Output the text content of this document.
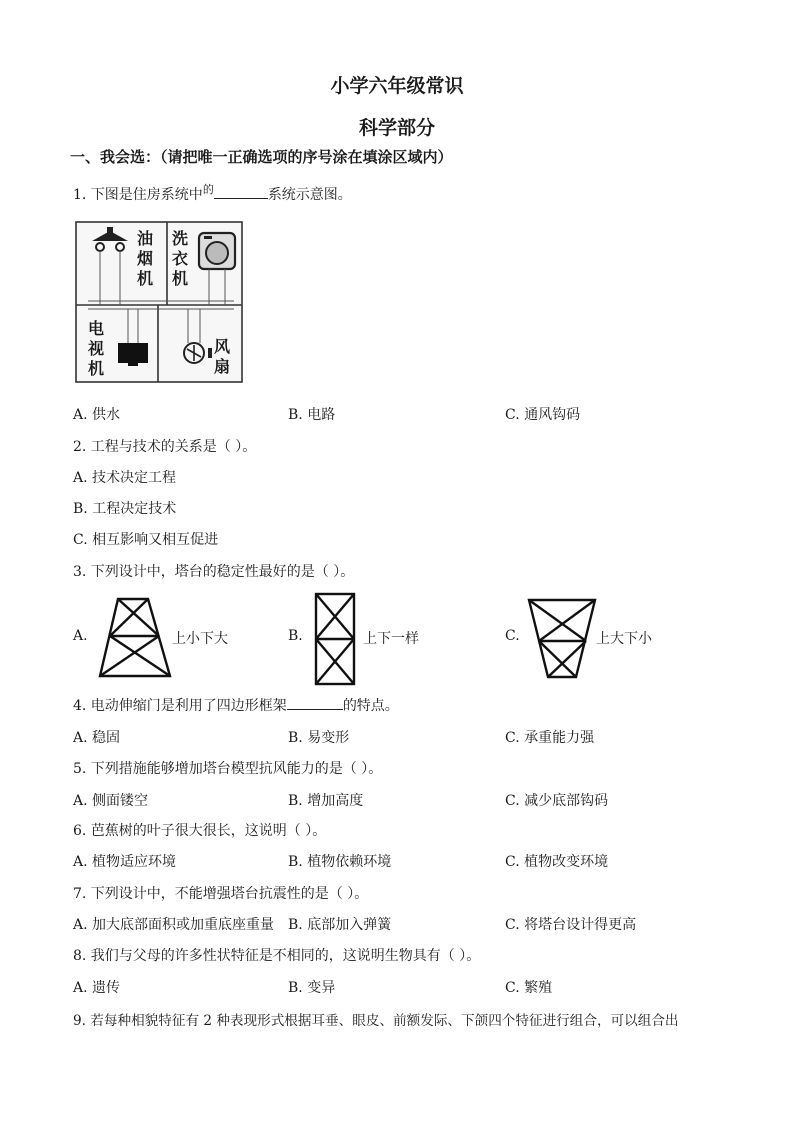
小学六年级常识
科学部分
一、我会选：（请把唯一正确选项的序号涂在填涂区域内）
1. 下图是住房系统中$^的$	系统示意图。
油烟机
洗衣机
电视机
风扇
A. 供水	B. 电路	C. 通风钩码
2. 工程与技术的关系是（ ）。
A. 技术决定工程
B. 工程决定技术
C. 相互影响又相互促进
3. 下列设计中，塔台的稳定性最好的是（ ）。
A.	上小下大	B.	上下一样	C.	上大下小
4. 电动伸缩门是利用了四边形框架	的特点。
A. 稳固	B. 易变形	C. 承重能力强
5. 下列措施能够增加塔台模型抗风能力的是（ ）。
A. 侧面镂空	B. 增加高度	C. 减少底部钩码
6. 芭蕉树的叶子很大很长，这说明（ ）。
A. 植物适应环境	B. 植物依赖环境	C. 植物改变环境
7. 下列设计中，不能增强塔台抗震性的是（ ）。
A. 加大底部面积或加重底座重量 B. 底部加入弹簧	C. 将塔台设计得更高
8. 我们与父母的许多性状特征是不相同的，这说明生物具有（ ）。
A. 遗传	B. 变异	C. 繁殖
9. 若每种相貌特征有 2 种表现形式根据耳垂、眼皮、前额发际、下颌四个特征进行组合，可以组合出
